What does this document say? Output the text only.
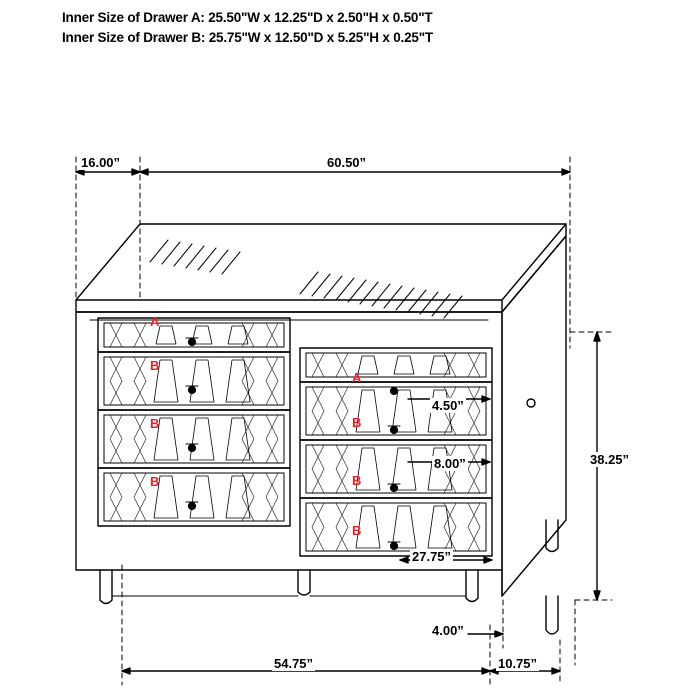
Inner Size of Drawer A: 25.50"W x 12.25"D x 2.50"H x 0.50"T
Inner Size of Drawer B: 25.75"W x 12.50"D x 5.25"H x 0.25"T
16.00”	60.50”
4.50”
8.00”
27.75”
4.00”
38.25”
54.75”	10.75”
A
B
B
B
A
B
B
B
